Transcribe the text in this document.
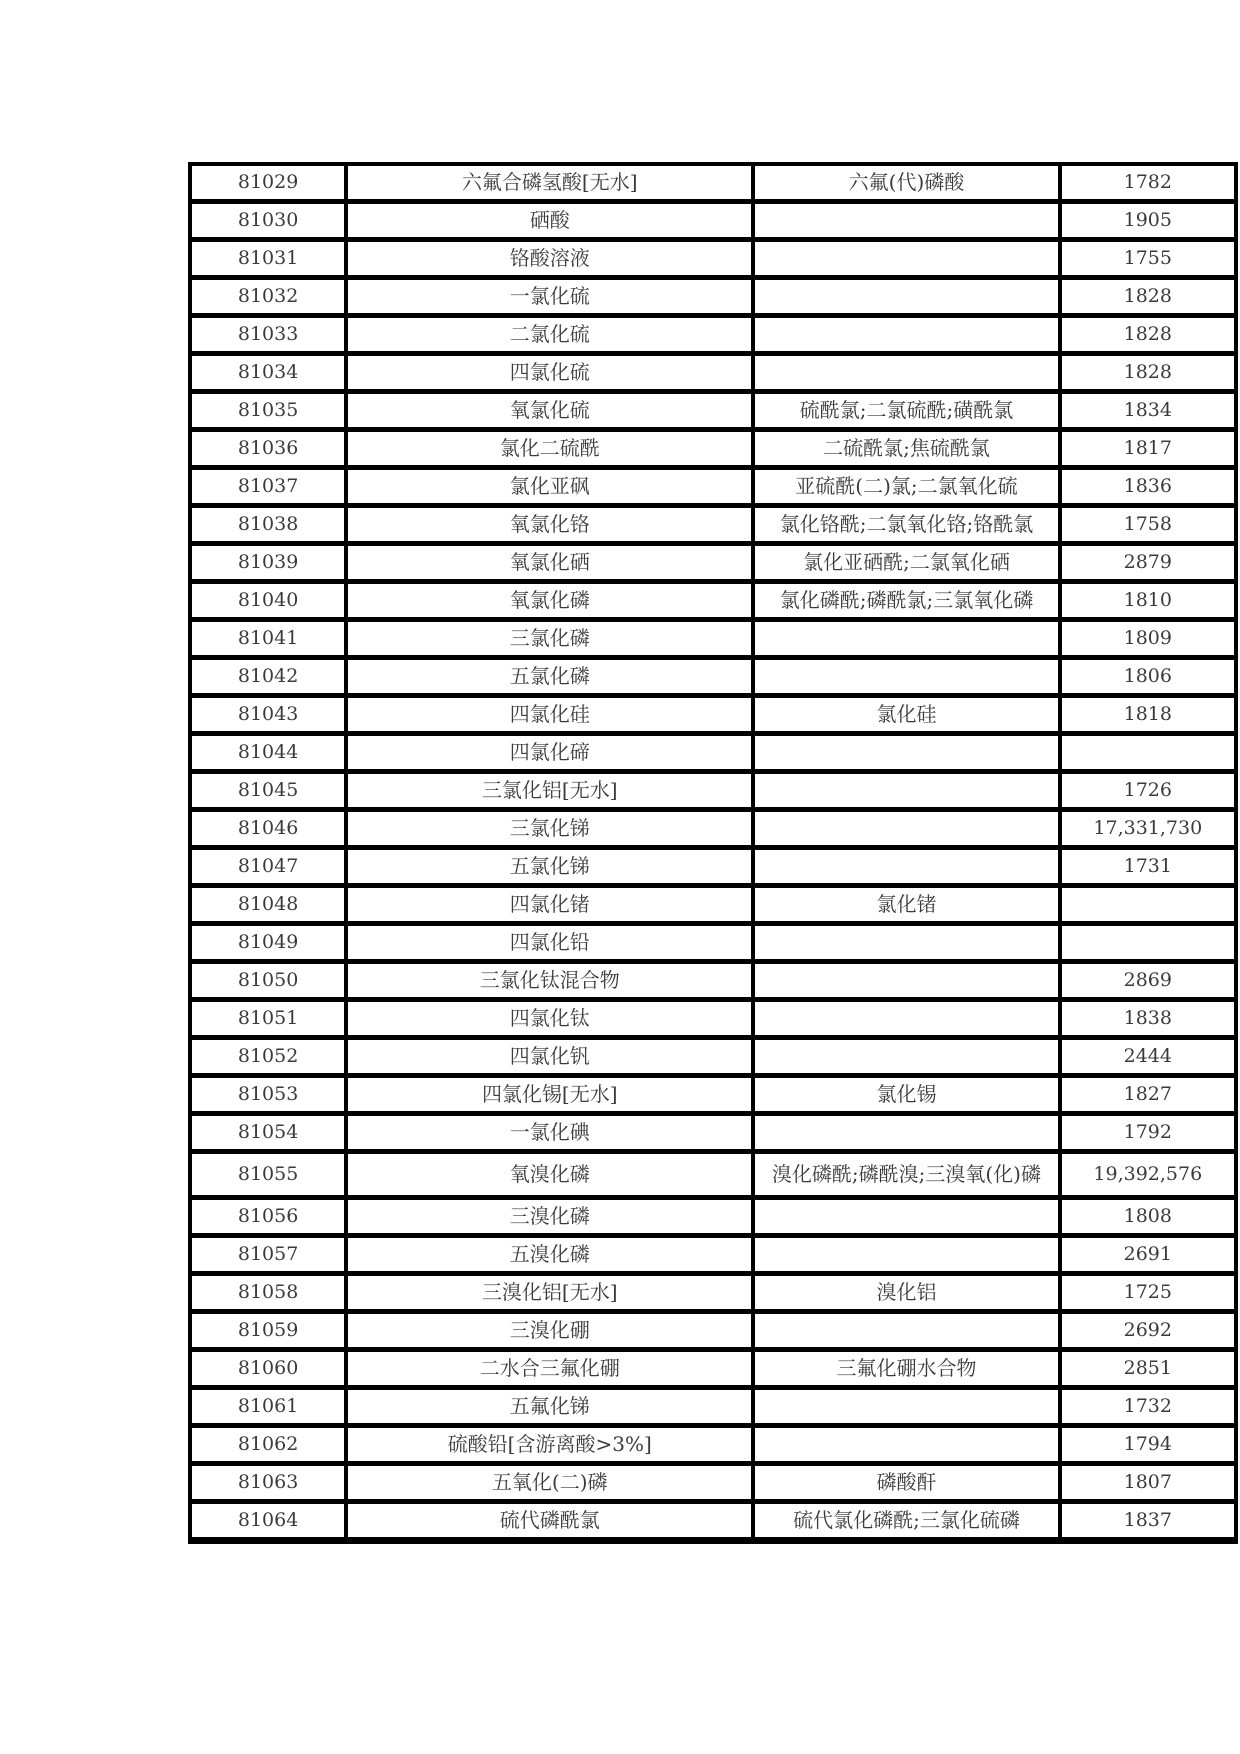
81029	六氟合磷氢酸[无水]	六氟(代)磷酸	1782
81030	硒酸		1905
81031	铬酸溶液		1755
81032	一氯化硫		1828
81033	二氯化硫		1828
81034	四氯化硫		1828
81035	氧氯化硫	硫酰氯;二氯硫酰;磺酰氯	1834
81036	氯化二硫酰	二硫酰氯;焦硫酰氯	1817
81037	氯化亚砜	亚硫酰(二)氯;二氯氧化硫	1836
81038	氧氯化铬	氯化铬酰;二氯氧化铬;铬酰氯	1758
81039	氧氯化硒	氯化亚硒酰;二氯氧化硒	2879
81040	氧氯化磷	氯化磷酰;磷酰氯;三氯氧化磷	1810
81041	三氯化磷		1809
81042	五氯化磷		1806
81043	四氯化硅	氯化硅	1818
81044	四氯化碲		
81045	三氯化铝[无水]		1726
81046	三氯化锑		17,331,730
81047	五氯化锑		1731
81048	四氯化锗	氯化锗	
81049	四氯化铅		
81050	三氯化钛混合物		2869
81051	四氯化钛		1838
81052	四氯化钒		2444
81053	四氯化锡[无水]	氯化锡	1827
81054	一氯化碘		1792
81055	氧溴化磷	溴化磷酰;磷酰溴;三溴氧(化)磷	19,392,576
81056	三溴化磷		1808
81057	五溴化磷		2691
81058	三溴化铝[无水]	溴化铝	1725
81059	三溴化硼		2692
81060	二水合三氟化硼	三氟化硼水合物	2851
81061	五氟化锑		1732
81062	硫酸铅[含游离酸>3%]		1794
81063	五氧化(二)磷	磷酸酐	1807
81064	硫代磷酰氯	硫代氯化磷酰;三氯化硫磷	1837
